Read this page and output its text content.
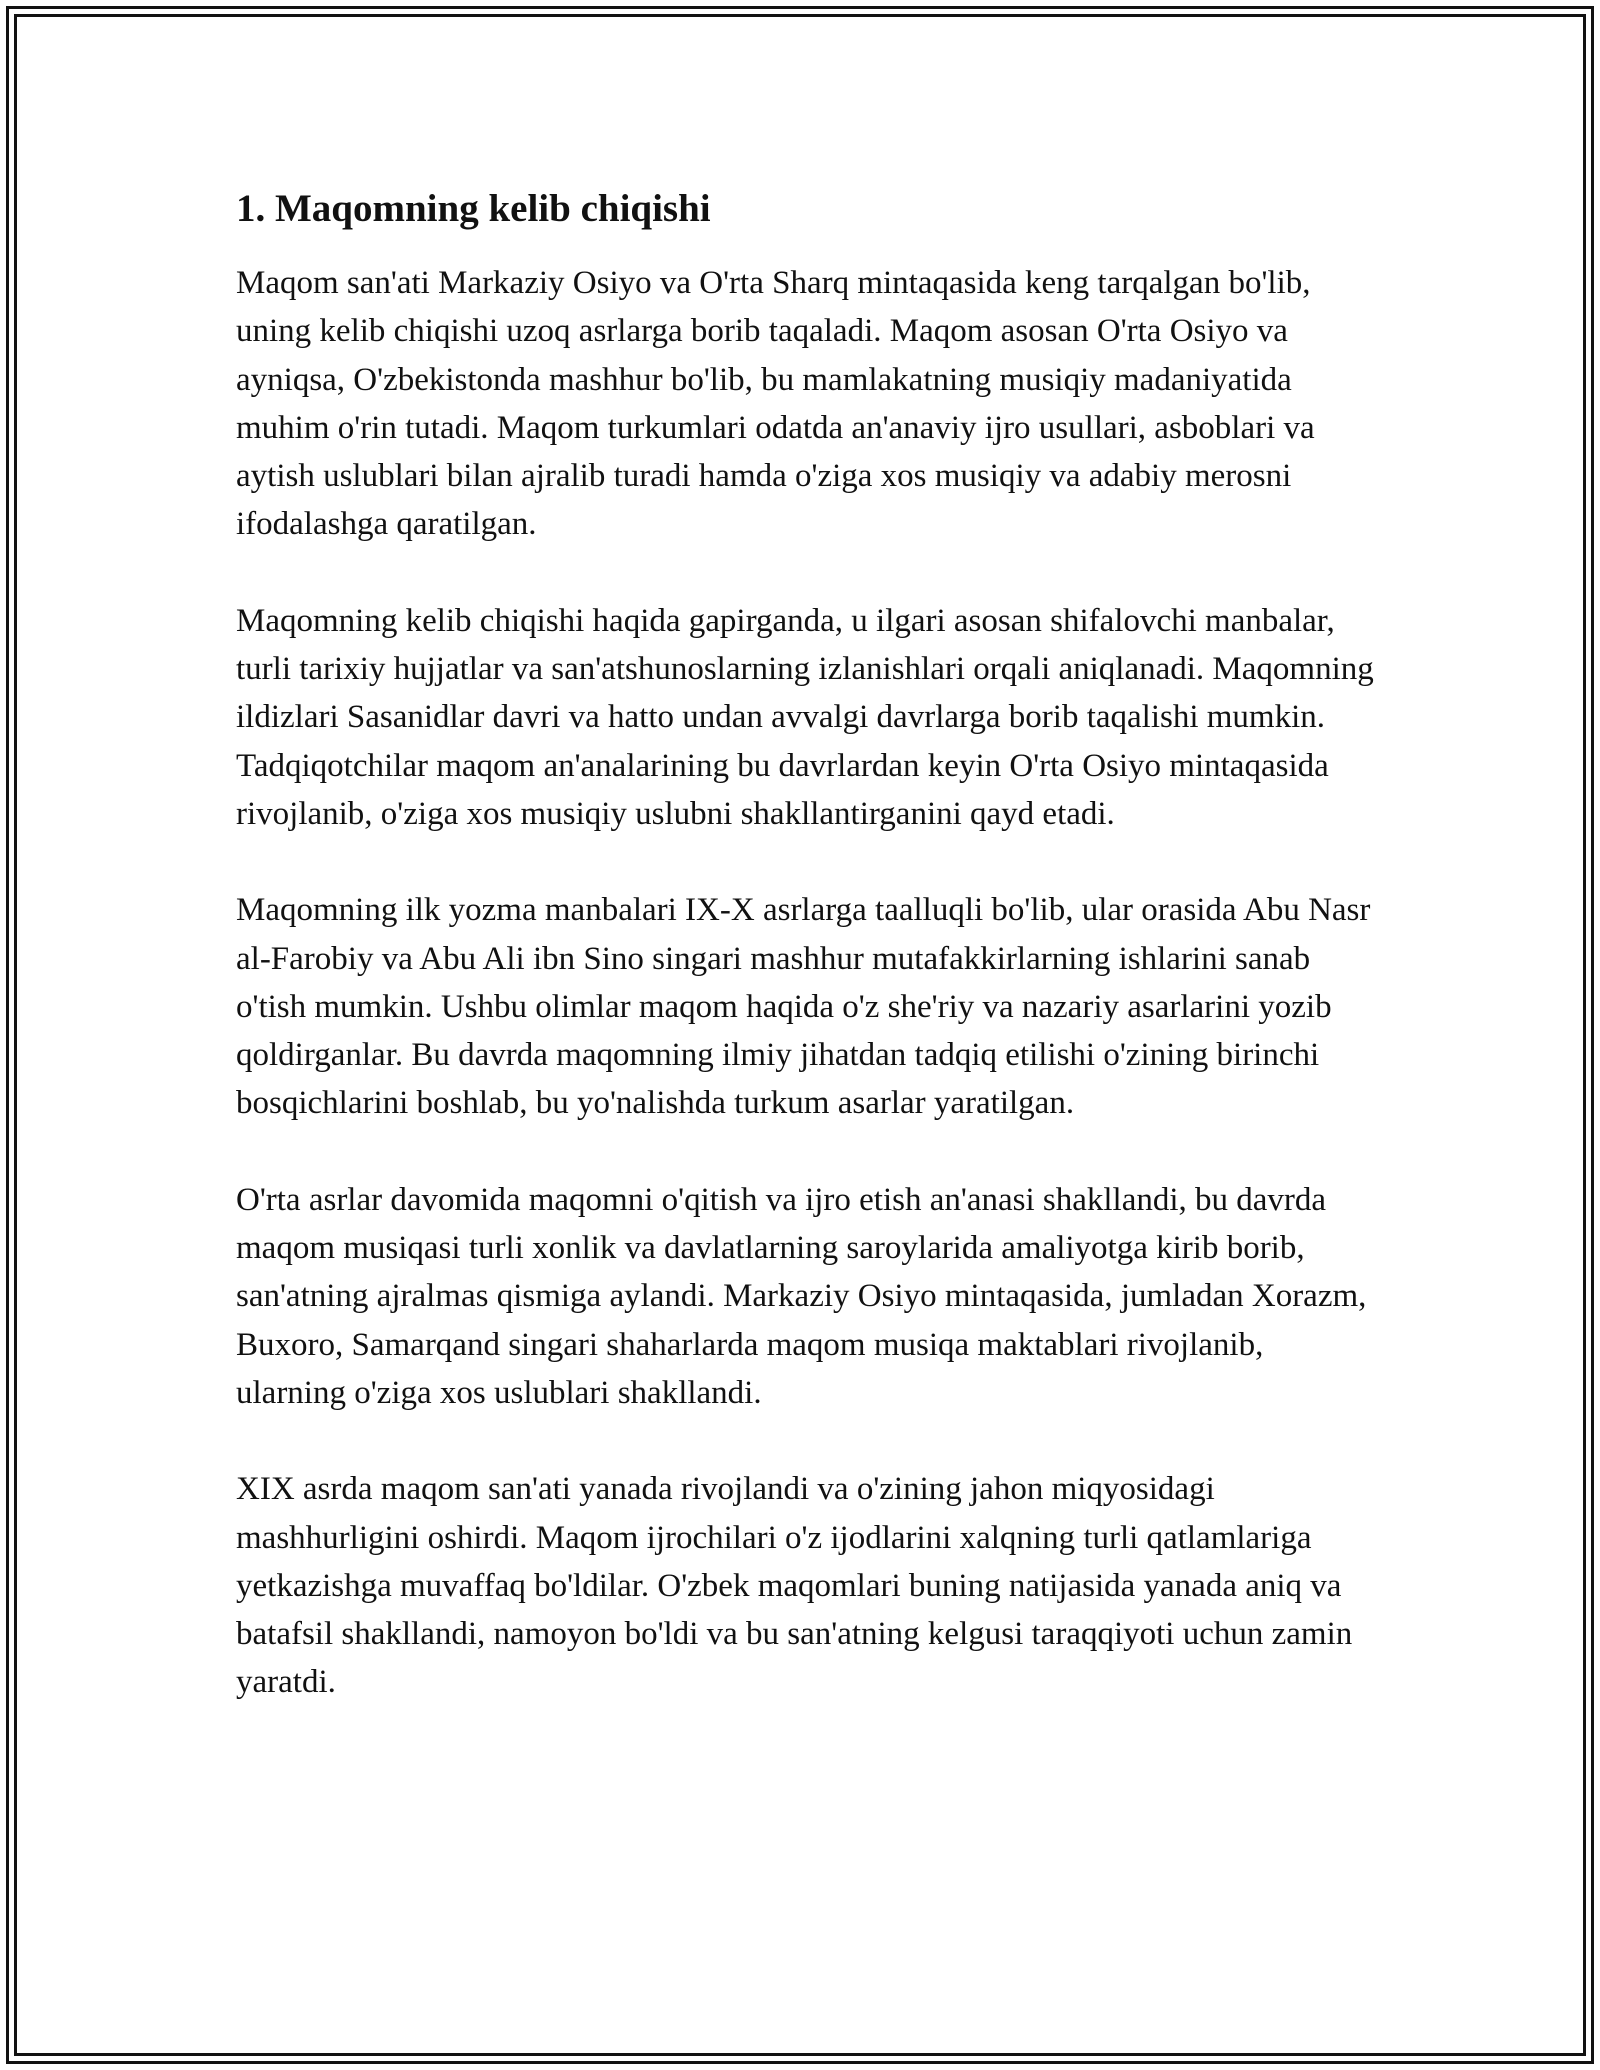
1. Maqomning kelib chiqishi

Maqom san'ati Markaziy Osiyo va O'rta Sharq mintaqasida keng tarqalgan bo'lib, uning kelib chiqishi uzoq asrlarga borib taqaladi. Maqom asosan O'rta Osiyo va ayniqsa, O'zbekistonda mashhur bo'lib, bu mamlakatning musiqiy madaniyatida muhim o'rin tutadi. Maqom turkumlari odatda an'anaviy ijro usullari, asboblari va aytish uslublari bilan ajralib turadi hamda o'ziga xos musiqiy va adabiy merosni ifodalashga qaratilgan.

Maqomning kelib chiqishi haqida gapirganda, u ilgari asosan shifalovchi manbalar, turli tarixiy hujjatlar va san'atshunoslarning izlanishlari orqali aniqlanadi. Maqomning ildizlari Sasanidlar davri va hatto undan avvalgi davrlarga borib taqalishi mumkin. Tadqiqotchilar maqom an'analarining bu davrlardan keyin O'rta Osiyo mintaqasida rivojlanib, o'ziga xos musiqiy uslubni shakllantirganini qayd etadi.

Maqomning ilk yozma manbalari IX-X asrlarga taalluqli bo'lib, ular orasida Abu Nasr al-Farobiy va Abu Ali ibn Sino singari mashhur mutafakkirlarning ishlarini sanab o'tish mumkin. Ushbu olimlar maqom haqida o'z she'riy va nazariy asarlarini yozib qoldirganlar. Bu davrda maqomning ilmiy jihatdan tadqiq etilishi o'zining birinchi bosqichlarini boshlab, bu yo'nalishda turkum asarlar yaratilgan.

O'rta asrlar davomida maqomni o'qitish va ijro etish an'anasi shakllandi, bu davrda maqom musiqasi turli xonlik va davlatlarning saroylarida amaliyotga kirib borib, san'atning ajralmas qismiga aylandi. Markaziy Osiyo mintaqasida, jumladan Xorazm, Buxoro, Samarqand singari shaharlarda maqom musiqa maktablari rivojlanib, ularning o'ziga xos uslublari shakllandi.

XIX asrda maqom san'ati yanada rivojlandi va o'zining jahon miqyosidagi mashhurligini oshirdi. Maqom ijrochilari o'z ijodlarini xalqning turli qatlamlariga yetkazishga muvaffaq bo'ldilar. O'zbek maqomlari buning natijasida yanada aniq va batafsil shakllandi, namoyon bo'ldi va bu san'atning kelgusi taraqqiyoti uchun zamin yaratdi.
